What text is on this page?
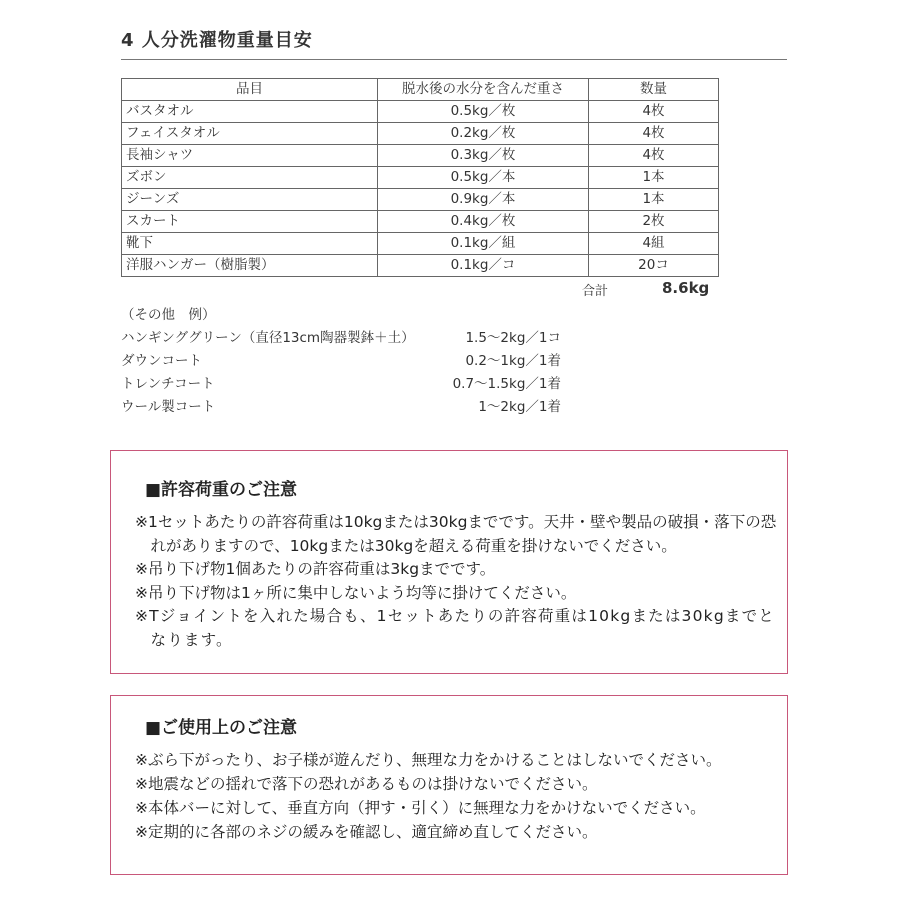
4 人分洗濯物重量目安
品目	脱水後の水分を含んだ重さ	数量
バスタオル	0.5kg／枚	4枚
フェイスタオル	0.2kg／枚	4枚
長袖シャツ	0.3kg／枚	4枚
ズボン	0.5kg／本	1本
ジーンズ	0.9kg／本	1本
スカート	0.4kg／枚	2枚
靴下	0.1kg／組	4組
洋服ハンガー（樹脂製）	0.1kg／コ	20コ
合計	8.6kg
（その他　例）
ハンギンググリーン（直径13cm陶器製鉢＋土）	1.5〜2kg／1コ
ダウンコート	0.2〜1kg／1着
トレンチコート	0.7〜1.5kg／1着
ウール製コート	1〜2kg／1着
■許容荷重のご注意
※1セットあたりの許容荷重は10kgまたは30kgまでです。天井・壁や製品の破損・落下の恐れがありますので、10kgまたは30kgを超える荷重を掛けないでください。
※吊り下げ物1個あたりの許容荷重は3kgまでです。
※吊り下げ物は1ヶ所に集中しないよう均等に掛けてください。
※Tジョイントを入れた場合も、1セットあたりの許容荷重は10kgまたは30kgまでとなります。
■ご使用上のご注意
※ぶら下がったり、お子様が遊んだり、無理な力をかけることはしないでください。
※地震などの揺れで落下の恐れがあるものは掛けないでください。
※本体バーに対して、垂直方向（押す・引く）に無理な力をかけないでください。
※定期的に各部のネジの緩みを確認し、適宜締め直してください。
